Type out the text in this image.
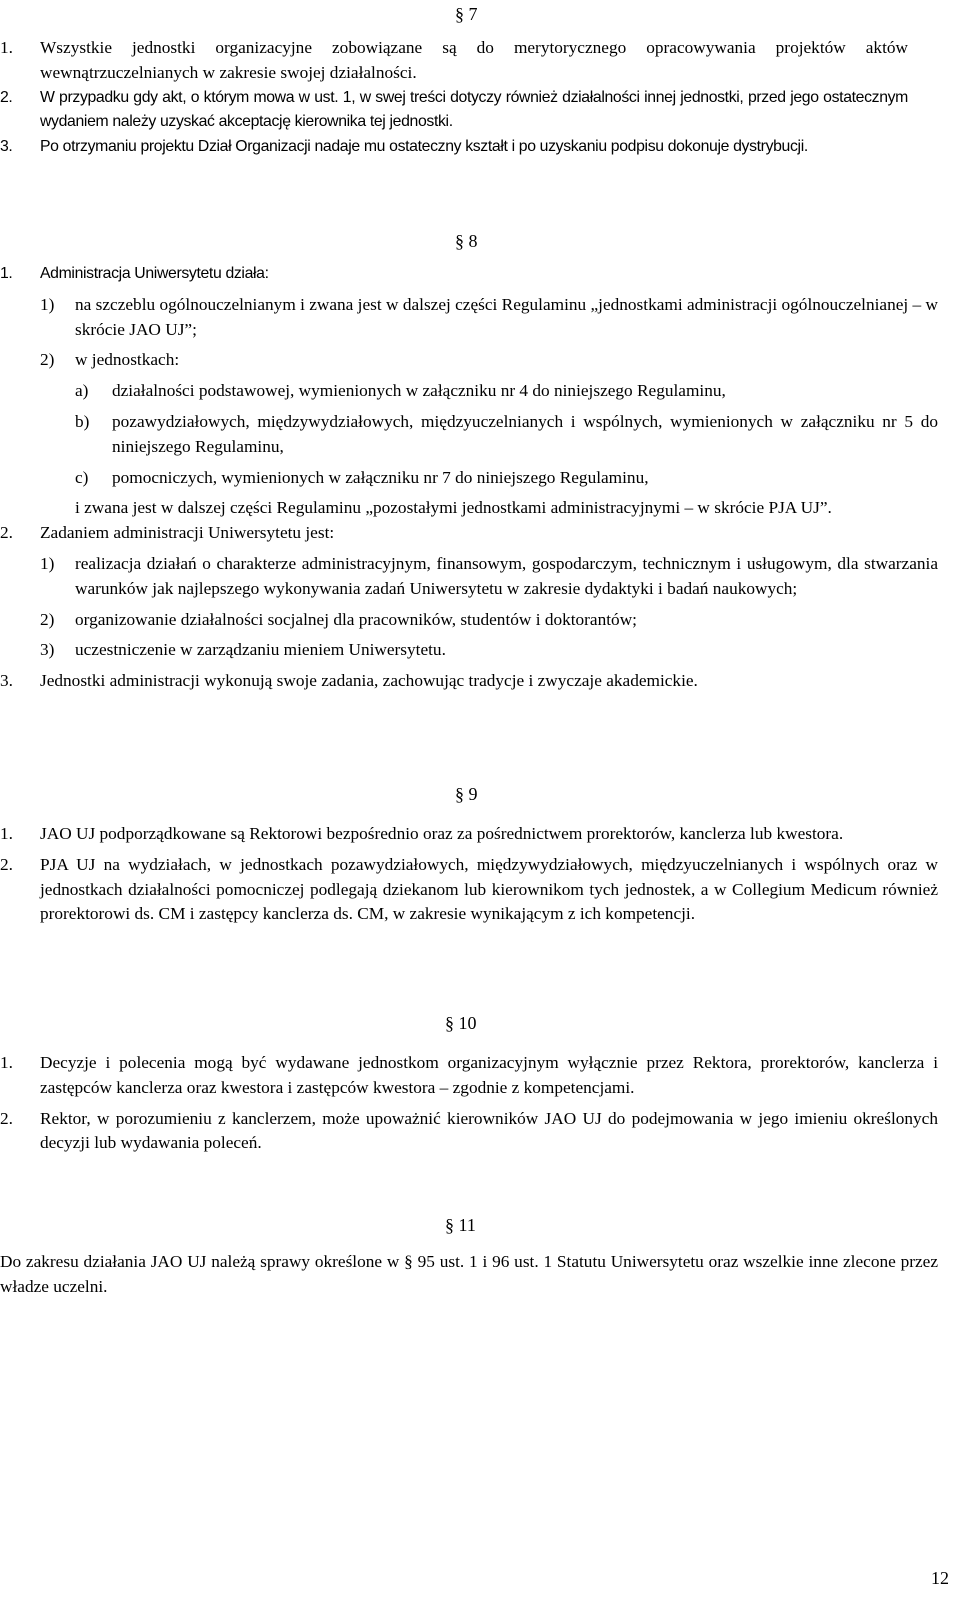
§ 7
1. Wszystkie jednostki organizacyjne zobowiązane są do merytorycznego opracowywania projektów aktów wewnątrzuczelnianych w zakresie swojej działalności.
2. W przypadku gdy akt, o którym mowa w ust. 1, w swej treści dotyczy również działalności innej jednostki, przed jego ostatecznym wydaniem należy uzyskać akceptację kierownika tej jednostki.
3. Po otrzymaniu projektu Dział Organizacji nadaje mu ostateczny kształt i po uzyskaniu podpisu dokonuje dystrybucji.
§ 8
1. Administracja Uniwersytetu działa:
1) na szczeblu ogólnouczelnianym i zwana jest w dalszej części Regulaminu „jednostkami administracji ogólnouczelnianej – w skrócie JAO UJ”;
2) w jednostkach:
a) działalności podstawowej, wymienionych w załączniku nr 4 do niniejszego Regulaminu,
b) pozawydziałowych, międzywydziałowych, międzyuczelnianych i wspólnych, wymienionych w załączniku nr 5 do niniejszego Regulaminu,
c) pomocniczych, wymienionych w załączniku nr 7 do niniejszego Regulaminu,
i zwana jest w dalszej części Regulaminu „pozostałymi jednostkami administracyjnymi – w skrócie PJA UJ”.
2. Zadaniem administracji Uniwersytetu jest:
1) realizacja działań o charakterze administracyjnym, finansowym, gospodarczym, technicznym i usługowym, dla stwarzania warunków jak najlepszego wykonywania zadań Uniwersytetu w zakresie dydaktyki i badań naukowych;
2) organizowanie działalności socjalnej dla pracowników, studentów i doktorantów;
3) uczestniczenie w zarządzaniu mieniem Uniwersytetu.
3. Jednostki administracji wykonują swoje zadania, zachowując tradycje i zwyczaje akademickie.
§ 9
1. JAO UJ podporządkowane są Rektorowi bezpośrednio oraz za pośrednictwem prorektorów, kanclerza lub kwestora.
2. PJA UJ na wydziałach, w jednostkach pozawydziałowych, międzywydziałowych, międzyuczelnianych i wspólnych oraz w jednostkach działalności pomocniczej podlegają dziekanom lub kierownikom tych jednostek, a w Collegium Medicum również prorektorowi ds. CM i zastępcy kanclerza ds. CM, w zakresie wynikającym z ich kompetencji.
§ 10
1. Decyzje i polecenia mogą być wydawane jednostkom organizacyjnym wyłącznie przez Rektora, prorektorów, kanclerza i zastępców kanclerza oraz kwestora i zastępców kwestora – zgodnie z kompetencjami.
2. Rektor, w porozumieniu z kanclerzem, może upoważnić kierowników JAO UJ do podejmowania w jego imieniu określonych decyzji lub wydawania poleceń.
§ 11
Do zakresu działania JAO UJ należą sprawy określone w § 95 ust. 1 i 96 ust. 1 Statutu Uniwersytetu oraz wszelkie inne zlecone przez władze uczelni.
12
